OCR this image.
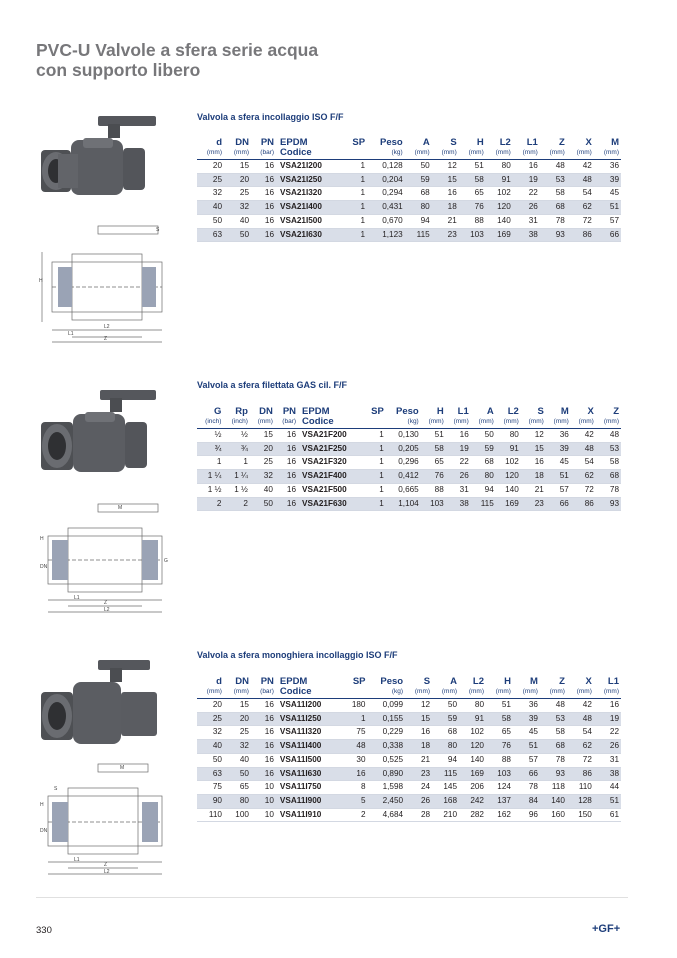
PVC-U Valvole a sfera serie acqua
con supporto libero
Valvola a sfera incollaggio ISO F/F
S
H
L2
L1
Z
d	DN	PN	EPDM	SP	Peso	A	S	H	L2	L1	Z	X	M
(mm)	(mm)	(bar)	Codice		(kg)	(mm)	(mm)	(mm)	(mm)	(mm)	(mm)	(mm)	(mm)
20	15	16	VSA21I200	1	0,128	50	12	51	80	16	48	42	36
25	20	16	VSA21I250	1	0,204	59	15	58	91	19	53	48	39
32	25	16	VSA21I320	1	0,294	68	16	65	102	22	58	54	45
40	32	16	VSA21I400	1	0,431	80	18	76	120	26	68	62	51
50	40	16	VSA21I500	1	0,670	94	21	88	140	31	78	72	57
63	50	16	VSA21I630	1	1,123	115	23	103	169	38	93	86	66
Valvola a sfera filettata GAS cil. F/F
M
H
G
DN
L1
Z
L2
G	Rp	DN	PN	EPDM	SP	Peso	H	L1	A	L2	S	M	X	Z
(inch)	(inch)	(mm)	(bar)	Codice		(kg)	(mm)	(mm)	(mm)	(mm)	(mm)	(mm)	(mm)	(mm)
½	½	15	16	VSA21F200	1	0,130	51	16	50	80	12	36	42	48
¾	¾	20	16	VSA21F250	1	0,205	58	19	59	91	15	39	48	53
1	1	25	16	VSA21F320	1	0,296	65	22	68	102	16	45	54	58
1 ¼	1 ¼	32	16	VSA21F400	1	0,412	76	26	80	120	18	51	62	68
1 ½	1 ½	40	16	VSA21F500	1	0,665	88	31	94	140	21	57	72	78
2	2	50	16	VSA21F630	1	1,104	103	38	115	169	23	66	86	93
Valvola a sfera monoghiera incollaggio ISO F/F
M
H
S
DN
L1
Z
L2
d	DN	PN	EPDM	SP	Peso	S	A	L2	H	M	Z	X	L1
(mm)	(mm)	(bar)	Codice		(kg)	(mm)	(mm)	(mm)	(mm)	(mm)	(mm)	(mm)	(mm)
20	15	16	VSA11I200	180	0,099	12	50	80	51	36	48	42	16
25	20	16	VSA11I250	1	0,155	15	59	91	58	39	53	48	19
32	25	16	VSA11I320	75	0,229	16	68	102	65	45	58	54	22
40	32	16	VSA11I400	48	0,338	18	80	120	76	51	68	62	26
50	40	16	VSA11I500	30	0,525	21	94	140	88	57	78	72	31
63	50	16	VSA11I630	16	0,890	23	115	169	103	66	93	86	38
75	65	10	VSA11I750	8	1,598	24	145	206	124	78	118	110	44
90	80	10	VSA11I900	5	2,450	26	168	242	137	84	140	128	51
110	100	10	VSA11I910	2	4,684	28	210	282	162	96	160	150	61
330	+GF+
